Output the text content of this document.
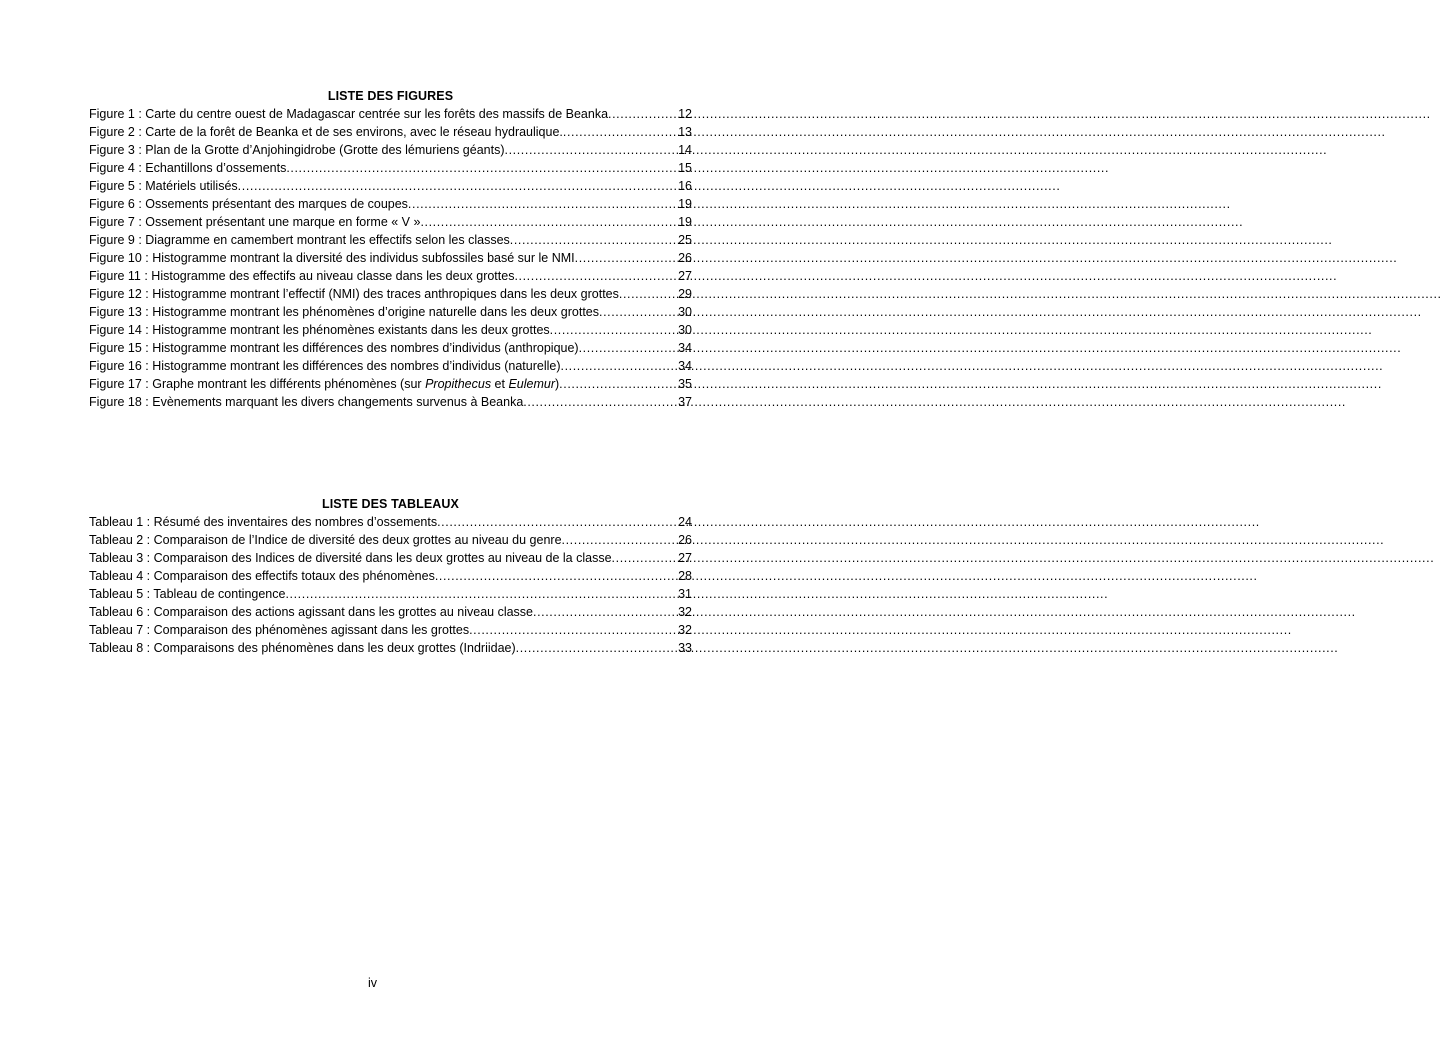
LISTE DES FIGURES
Figure 1 : Carte du centre ouest de Madagascar centrée sur les forêts des massifs de Beanka .....	12
Figure 2 : Carte de la forêt de Beanka et de ses environs, avec le réseau hydraulique. .....	13
Figure 3 : Plan de la Grotte d’Anjohingidrobe (Grotte des lémuriens géants) .....	14
Figure 4 : Echantillons d’ossements .....	15
Figure 5 : Matériels utilisés .....	16
Figure 6 : Ossements présentant des marques de coupes .....	19
Figure 7 : Ossement présentant une marque en forme « V » .....	19
Figure 9 : Diagramme en camembert montrant les effectifs selon les classes .....	25
Figure 10 : Histogramme montrant la diversité des individus subfossiles basé sur le NMI .....	26
Figure 11 : Histogramme des effectifs au niveau classe dans les deux grottes .....	27
Figure 12 : Histogramme montrant l’effectif (NMI) des traces anthropiques dans les deux grottes .....	29
Figure 13 : Histogramme montrant les phénomènes d’origine naturelle dans les deux grottes .....	30
Figure 14 : Histogramme montrant les phénomènes existants dans les deux grottes .....	30
Figure 15 : Histogramme montrant les différences des nombres d’individus (anthropique) .....	34
Figure 16 : Histogramme montrant les différences des nombres d’individus (naturelle) .....	34
Figure 17 : Graphe montrant les différents phénomènes (sur Propithecus et Eulemur) .....	35
Figure 18 : Evènements marquant les divers changements survenus à Beanka .....	37
LISTE DES TABLEAUX
Tableau 1 : Résumé des inventaires des nombres d’ossements .....	24
Tableau 2 : Comparaison de l’Indice de diversité des deux grottes au niveau du genre .....	26
Tableau 3 : Comparaison des Indices de diversité dans les deux grottes au niveau de la classe .....	27
Tableau 4 : Comparaison des effectifs totaux des phénomènes .....	28
Tableau 5 : Tableau de contingence .....	31
Tableau 6 : Comparaison des actions agissant dans les grottes au niveau classe .....	32
Tableau 7 : Comparaison des phénomènes agissant dans les grottes .....	32
Tableau 8 : Comparaisons des phénomènes dans les deux grottes (Indriidae) .....	33
iv
